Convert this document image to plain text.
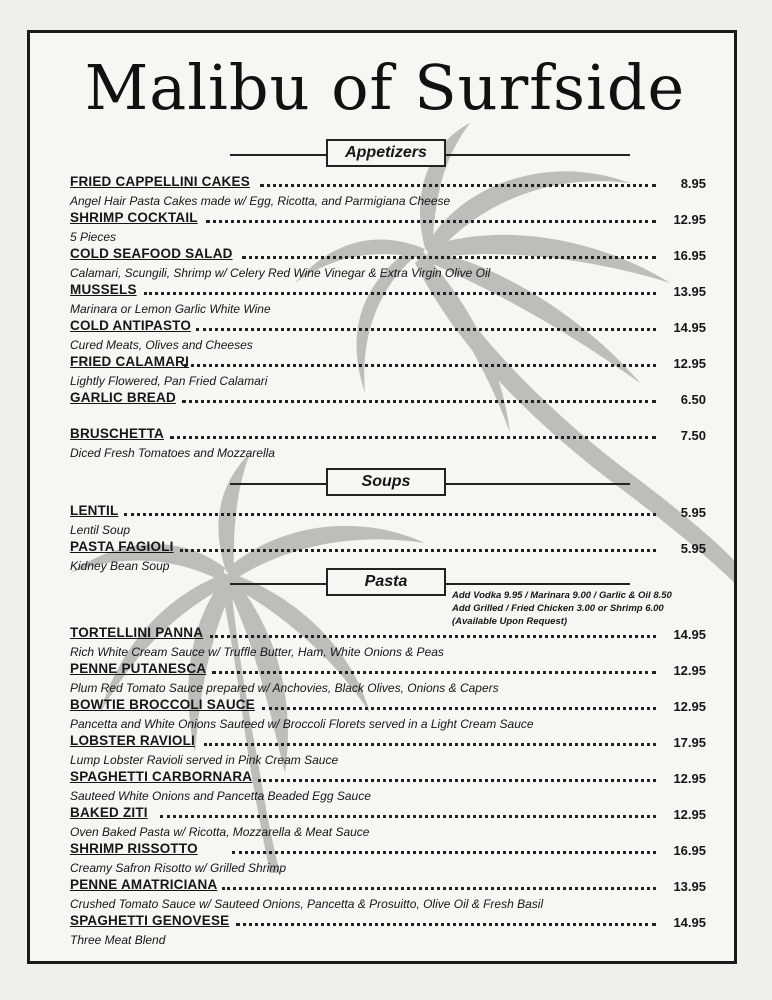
Malibu of Surfside
Appetizers
FRIED CAPPELLINI CAKES	8.95
Angel Hair Pasta Cakes made w/ Egg, Ricotta, and Parmigiana Cheese
SHRIMP COCKTAIL	12.95
5 Pieces
COLD SEAFOOD SALAD	16.95
Calamari, Scungili, Shrimp w/ Celery Red Wine Vinegar & Extra Virgin Olive Oil
MUSSELS	13.95
Marinara or Lemon Garlic White Wine
COLD ANTIPASTO	14.95
Cured Meats, Olives and Cheeses
FRIED CALAMARI	12.95
Lightly Flowered, Pan Fried Calamari
GARLIC BREAD	6.50
BRUSCHETTA	7.50
Diced Fresh Tomatoes and Mozzarella
Soups
LENTIL	5.95
Lentil Soup
PASTA FAGIOLI	5.95
Kidney Bean Soup
Pasta
Add Vodka 9.95 / Marinara 9.00 / Garlic & Oil 8.50
Add Grilled / Fried Chicken 3.00 or Shrimp 6.00
(Available Upon Request)
TORTELLINI PANNA	14.95
Rich White Cream Sauce w/ Truffle Butter, Ham, White Onions & Peas
PENNE PUTANESCA	12.95
Plum Red Tomato Sauce prepared w/ Anchovies, Black Olives, Onions & Capers
BOWTIE BROCCOLI SAUCE	12.95
Pancetta and White Onions Sauteed w/ Broccoli Florets served in a Light Cream Sauce
LOBSTER RAVIOLI	17.95
Lump Lobster Ravioli served in Pink Cream Sauce
SPAGHETTI CARBORNARA	12.95
Sauteed White Onions and Pancetta Beaded Egg Sauce
BAKED ZITI	12.95
Oven Baked Pasta w/ Ricotta, Mozzarella & Meat Sauce
SHRIMP RISSOTTO	16.95
Creamy Safron Risotto w/ Grilled Shrimp
PENNE AMATRICIANA	13.95
Crushed Tomato Sauce w/ Sauteed Onions, Pancetta & Prosuitto, Olive Oil & Fresh Basil
SPAGHETTI GENOVESE	14.95
Three Meat Blend
